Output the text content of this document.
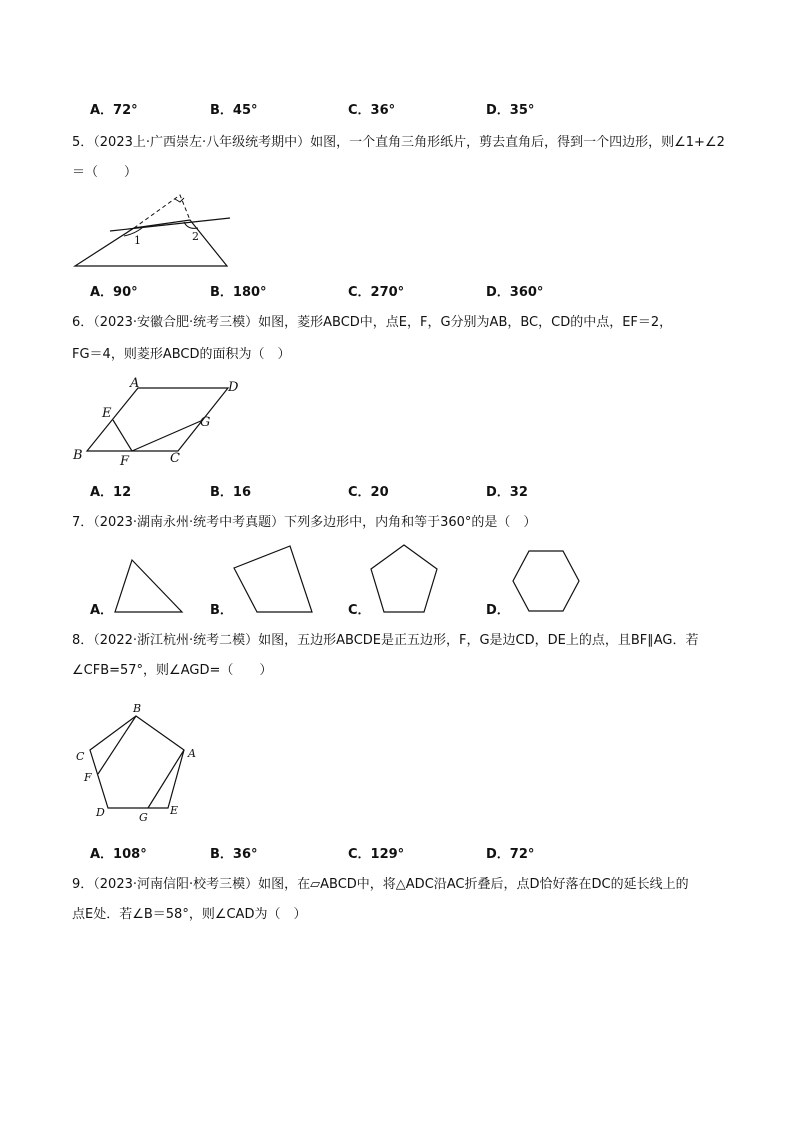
A．72°	B．45°	C．36°	D．35°
5．（2023上·广西崇左·八年级统考期中）如图，一个直角三角形纸片，剪去直角后，得到一个四边形，则∠1+∠2
＝（　　）
1	2
A．90°	B．180°	C．270°	D．360°
6．（2023·安徽合肥·统考三模）如图，菱形ABCD中，点E，F，G分别为AB，BC，CD的中点，EF＝2，
FG＝4，则菱形ABCD的面积为（　）
A	D
E
G
B	F	C
A．12	B．16	C．20	D．32
7．（2023·湖南永州·统考中考真题）下列多边形中，内角和等于360°的是（　）
A．	B．	C．	D．
8．（2022·浙江杭州·统考二模）如图，五边形ABCDE是正五边形，F，G是边CD，DE上的点，且BF∥AG．若
∠CFB=57°，则∠AGD=（　　）
B
C	A
F
D	G
E
A．108°	B．36°	C．129°	D．72°
9．（2023·河南信阳·校考三模）如图，在▱ABCD中，将△ADC沿AC折叠后，点D恰好落在DC的延长线上的
点E处．若∠B＝58°，则∠CAD为（　）
